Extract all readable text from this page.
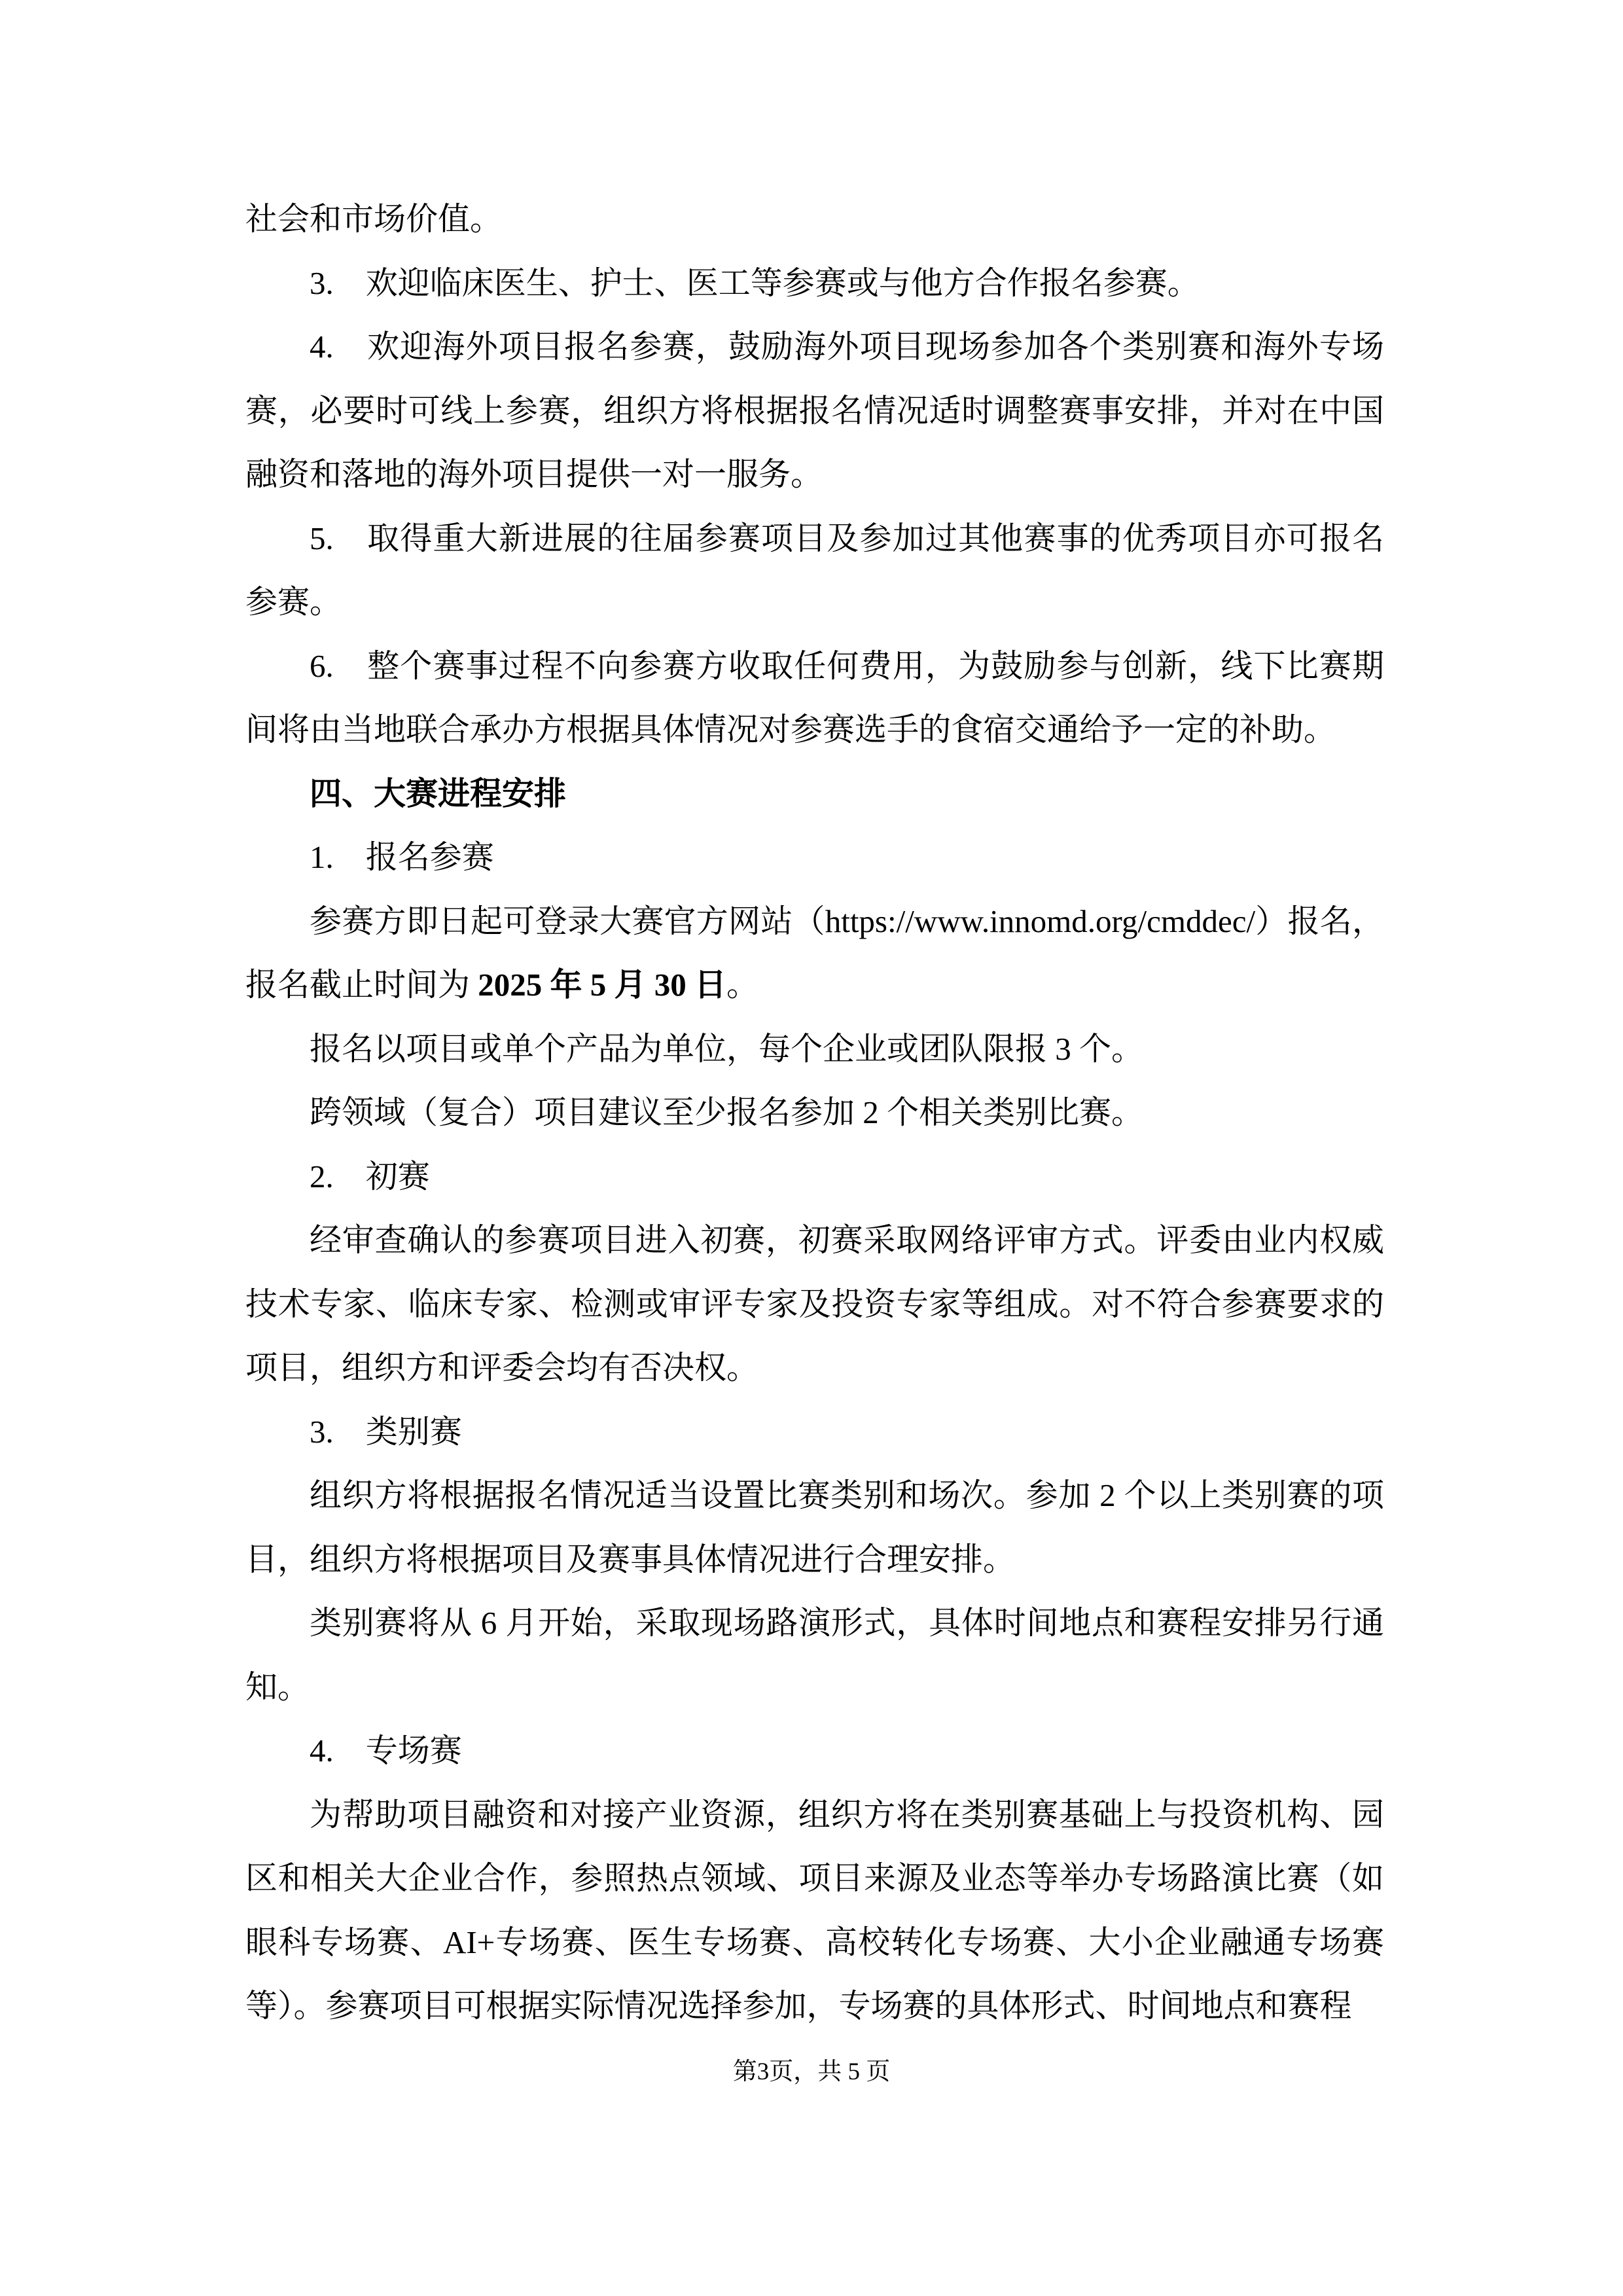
社会和市场价值。

3.　欢迎临床医生、护士、医工等参赛或与他方合作报名参赛。

4.　欢迎海外项目报名参赛，鼓励海外项目现场参加各个类别赛和海外专场赛，必要时可线上参赛，组织方将根据报名情况适时调整赛事安排，并对在中国融资和落地的海外项目提供一对一服务。

5.　取得重大新进展的往届参赛项目及参加过其他赛事的优秀项目亦可报名参赛。

6.　整个赛事过程不向参赛方收取任何费用，为鼓励参与创新，线下比赛期间将由当地联合承办方根据具体情况对参赛选手的食宿交通给予一定的补助。

四、大赛进程安排

1.　报名参赛

参赛方即日起可登录大赛官方网站（https://www.innomd.org/cmddec/）报名，报名截止时间为 2025 年 5 月 30 日。

报名以项目或单个产品为单位，每个企业或团队限报 3 个。

跨领域（复合）项目建议至少报名参加 2 个相关类别比赛。

2.　初赛

经审查确认的参赛项目进入初赛，初赛采取网络评审方式。评委由业内权威技术专家、临床专家、检测或审评专家及投资专家等组成。对不符合参赛要求的项目，组织方和评委会均有否决权。

3.　类别赛

组织方将根据报名情况适当设置比赛类别和场次。参加 2 个以上类别赛的项目，组织方将根据项目及赛事具体情况进行合理安排。

类别赛将从 6 月开始，采取现场路演形式，具体时间地点和赛程安排另行通知。

4.　专场赛

为帮助项目融资和对接产业资源，组织方将在类别赛基础上与投资机构、园区和相关大企业合作，参照热点领域、项目来源及业态等举办专场路演比赛（如眼科专场赛、AI+专场赛、医生专场赛、高校转化专场赛、大小企业融通专场赛等）。参赛项目可根据实际情况选择参加，专场赛的具体形式、时间地点和赛程

第3页，共 5 页
